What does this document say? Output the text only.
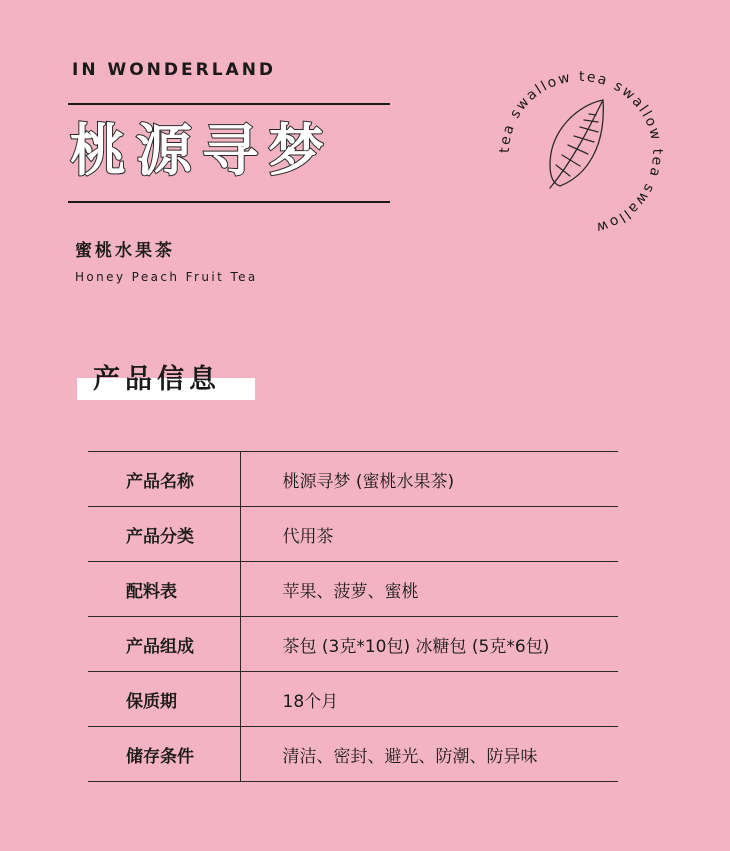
IN WONDERLAND
桃源寻梦
蜜桃水果茶
Honey Peach Fruit Tea
tea swallow tea swallow tea swallow
产品信息
产品名称	桃源寻梦 (蜜桃水果茶)
产品分类	代用茶
配料表	苹果、菠萝、蜜桃
产品组成	茶包 (3克*10包) 冰糖包 (5克*6包)
保质期	18个月
储存条件	清洁、密封、避光、防潮、防异味
